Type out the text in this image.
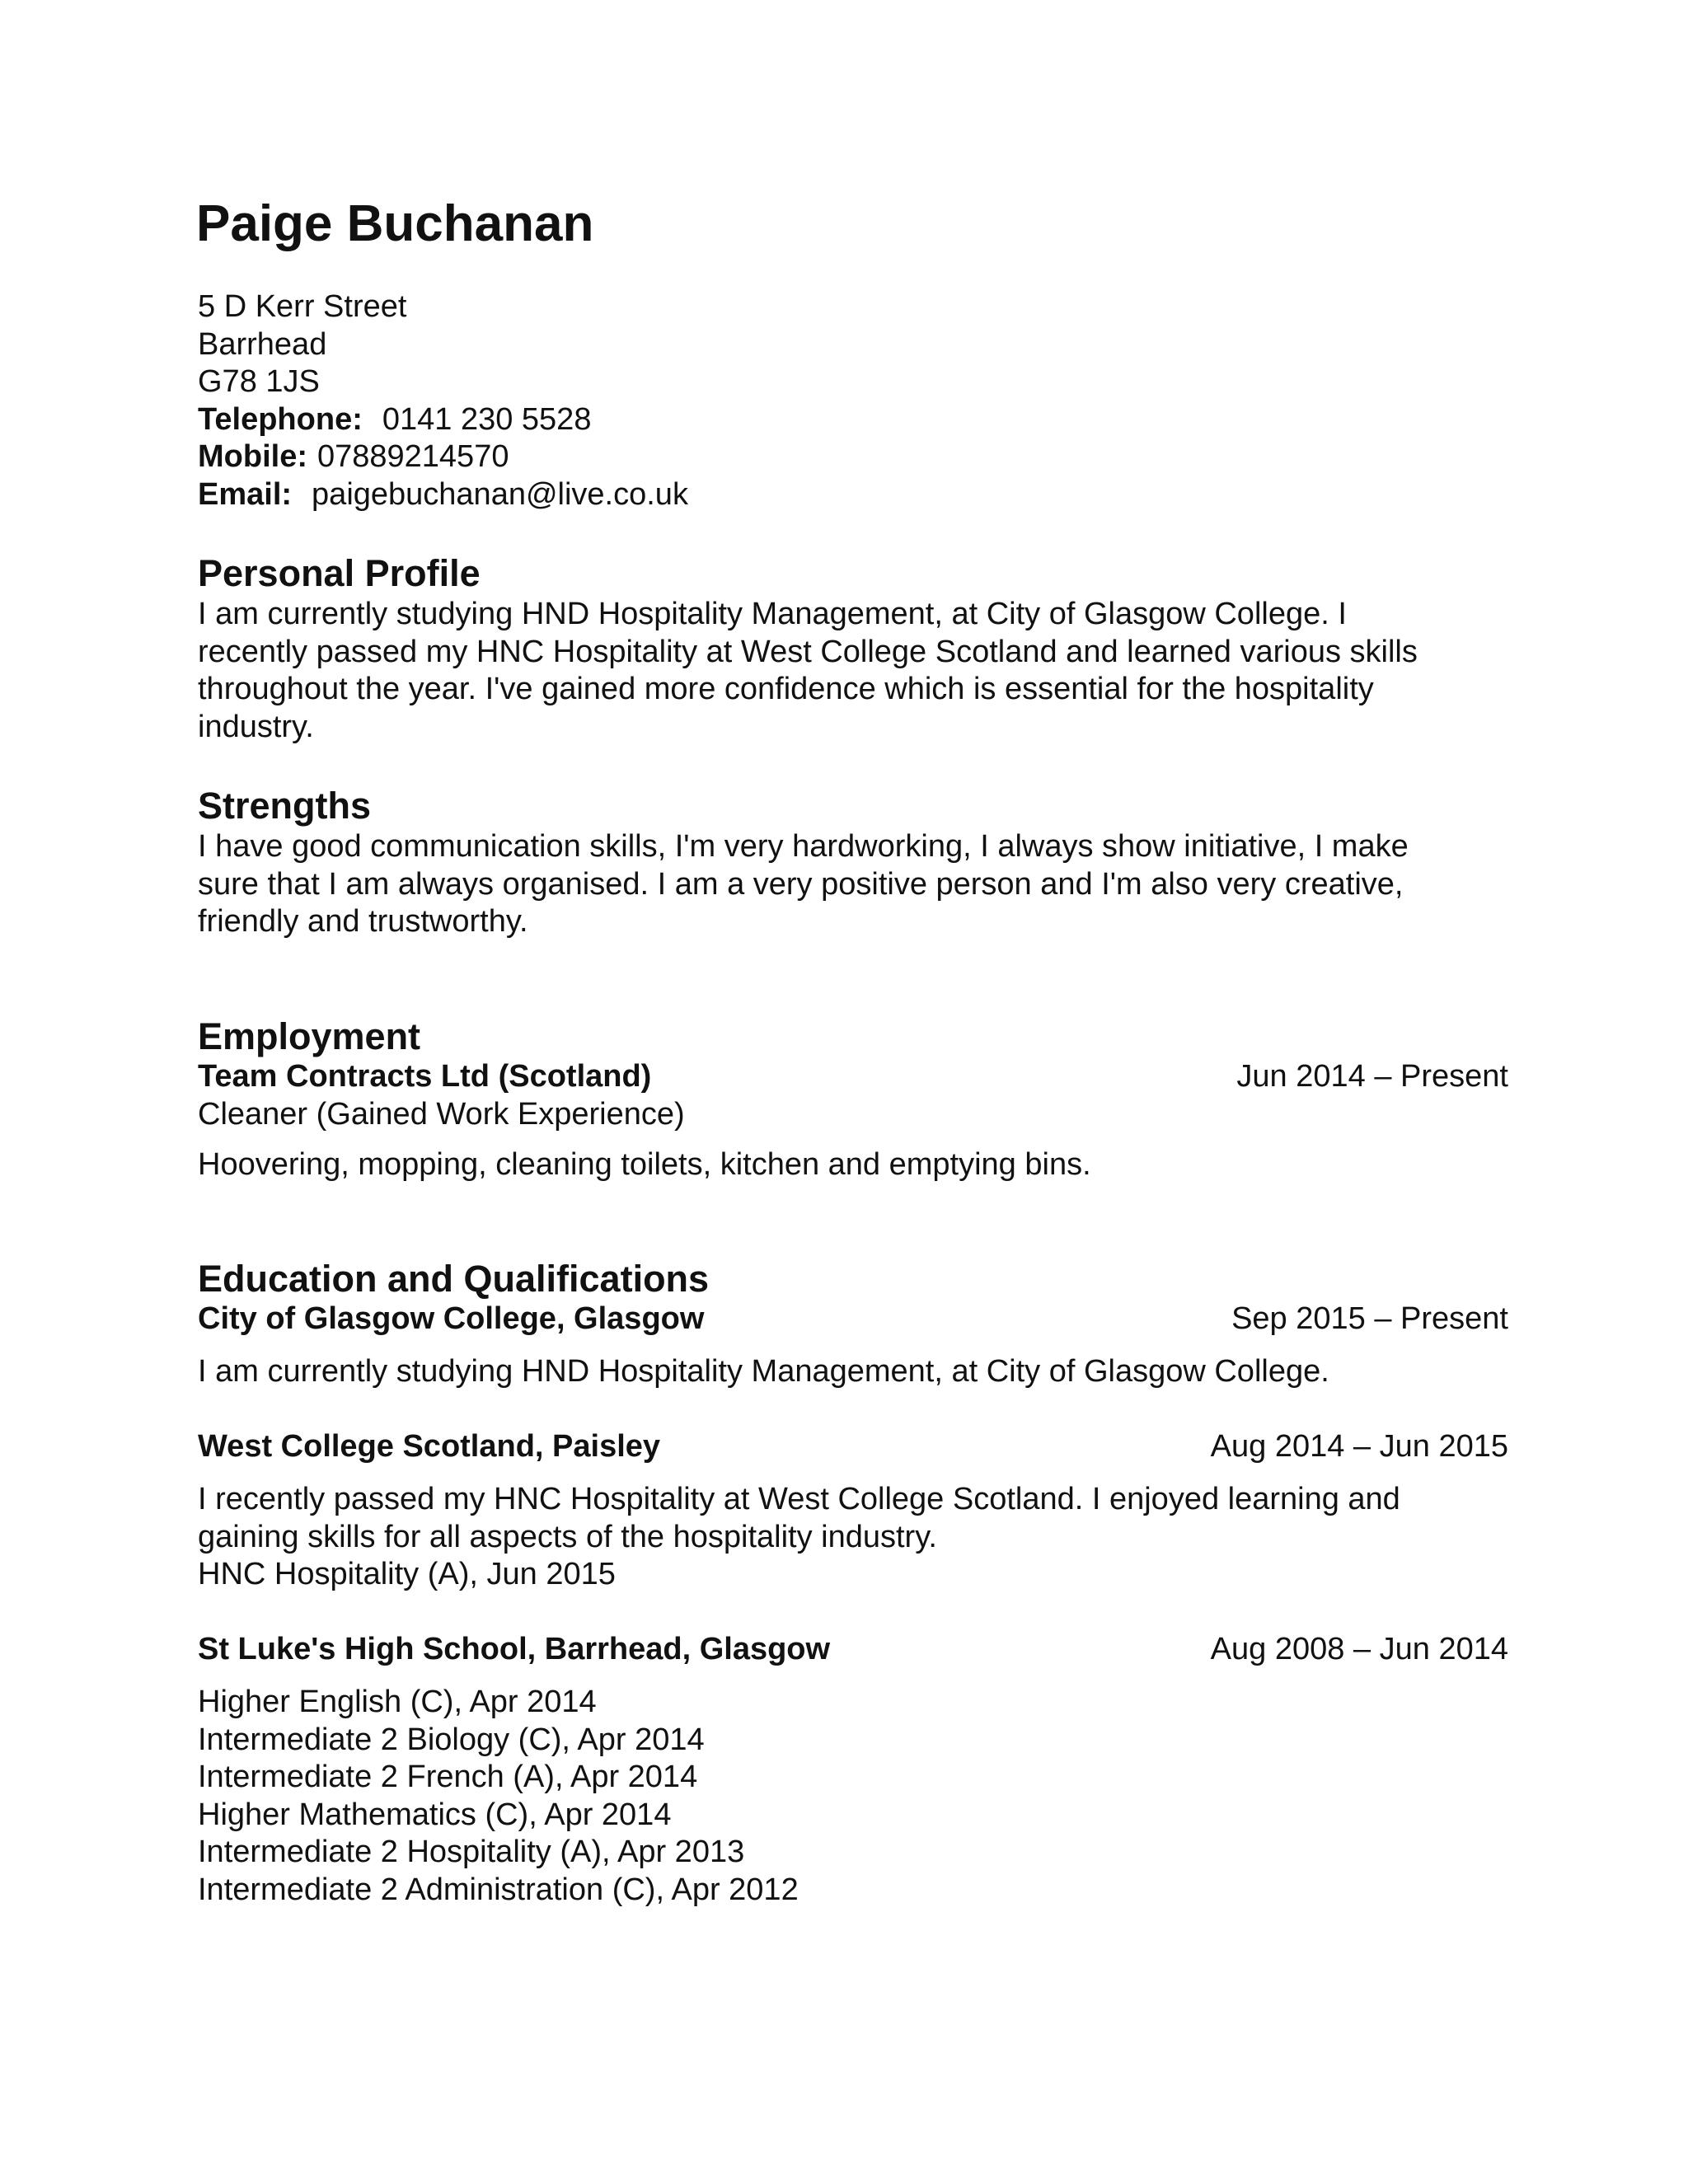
Paige Buchanan
5 D Kerr Street
Barrhead
G78 1JS
Telephone: 0141 230 5528
Mobile: 07889214570
Email: paigebuchanan@live.co.uk
Personal Profile

I am currently studying HND Hospitality Management, at City of Glasgow College. I
recently passed my HNC Hospitality at West College Scotland and learned various skills
throughout the year. I've gained more confidence which is essential for the hospitality
industry.

Strengths

I have good communication skills, I'm very hardworking, I always show initiative, I make
sure that I am always organised. I am a very positive person and I'm also very creative,
friendly and trustworthy.

Employment
Team Contracts Ltd (Scotland)	Jun 2014 – Present
Cleaner (Gained Work Experience)
Hoovering, mopping, cleaning toilets, kitchen and emptying bins.
Education and Qualifications
City of Glasgow College, Glasgow	Sep 2015 – Present
I am currently studying HND Hospitality Management, at City of Glasgow College.
West College Scotland, Paisley	Aug 2014 – Jun 2015

I recently passed my HNC Hospitality at West College Scotland. I enjoyed learning and
gaining skills for all aspects of the hospitality industry.
HNC Hospitality (A), Jun 2015

St Luke's High School, Barrhead, Glasgow	Aug 2008 – Jun 2014

Higher English (C), Apr 2014
Intermediate 2 Biology (C), Apr 2014
Intermediate 2 French (A), Apr 2014
Higher Mathematics (C), Apr 2014
Intermediate 2 Hospitality (A), Apr 2013
Intermediate 2 Administration (C), Apr 2012
